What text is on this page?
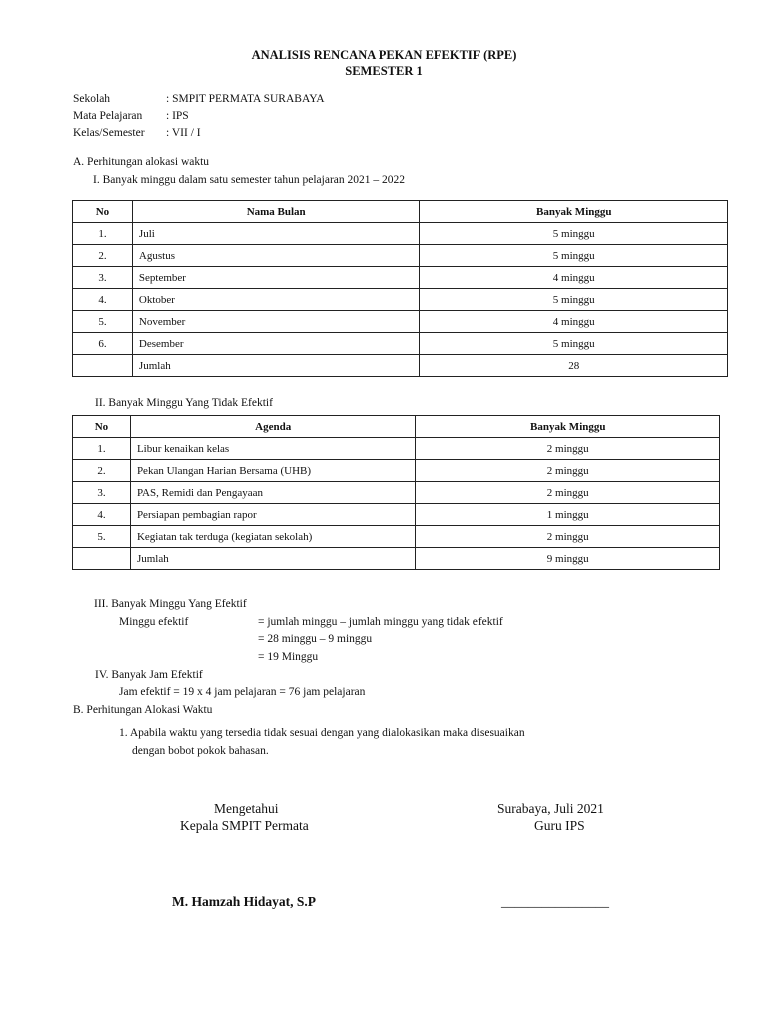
ANALISIS RENCANA PEKAN EFEKTIF (RPE)
SEMESTER 1
Sekolah	: SMPIT PERMATA SURABAYA
Mata Pelajaran : IPS
Kelas/Semester : VII / I
A. Perhitungan alokasi waktu
I. Banyak minggu dalam satu semester tahun pelajaran 2021 – 2022
No	Nama Bulan	Banyak Minggu
1.	Juli	5 minggu
2.	Agustus	5 minggu
3.	September	4 minggu
4.	Oktober	5 minggu
5.	November	4 minggu
6.	Desember	5 minggu
	Jumlah	28
II. Banyak Minggu Yang Tidak Efektif
No	Agenda	Banyak Minggu
1.	Libur kenaikan kelas	2 minggu
2.	Pekan Ulangan Harian Bersama (UHB)	2 minggu
3.	PAS, Remidi dan Pengayaan	2 minggu
4.	Persiapan pembagian rapor	1 minggu
5.	Kegiatan tak terduga (kegiatan sekolah)	2 minggu
	Jumlah	9 minggu
III. Banyak Minggu Yang Efektif
Minggu efektif	= jumlah minggu – jumlah minggu yang tidak efektif
= 28 minggu – 9 minggu
= 19 Minggu
IV. Banyak Jam Efektif
Jam efektif = 19 x 4 jam pelajaran = 76 jam pelajaran
B. Perhitungan Alokasi Waktu
1. Apabila waktu yang tersedia tidak sesuai dengan yang dialokasikan maka disesuaikan
dengan bobot pokok bahasan.
Mengetahui
Kepala SMPIT Permata
M. Hamzah Hidayat, S.P
Surabaya, Juli 2021
Guru IPS
________________
